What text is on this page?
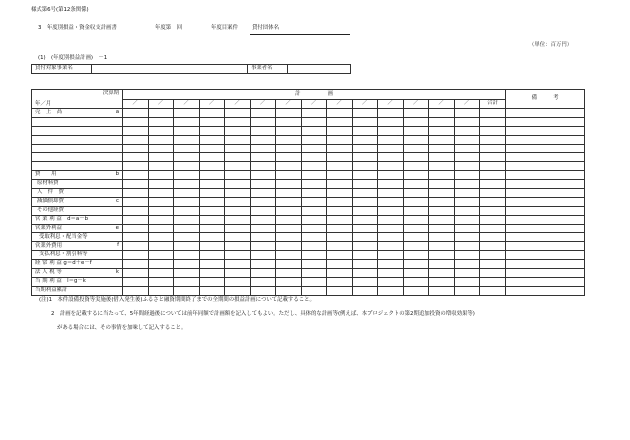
様式第6号(第12条関係)
3　年度別損益・資金収支計画書	年度第　回	年度目案件	貸付団体名
（単位：百万円）
(1)　(年度別損益計画)　－1
貸付対象事業名		事業者名	
決算期
年／月	計　　　　　画															備　　　考
	／	／	／	／	／	／	／	／	／	／	／	／	／	／	合計	
売　上　高 a																

費　　用 b																

原材料費

人　件　費

減価償却費 c																

その他経費

営 業 利 益　d＝a－b

営業外利益 e																

受取利息・配当金等

営業外費用 f																

支払利息・割引料等

経 常 利 益 g＝d＋e－f

法 人 税 等 k																

当 期 利 益　l＝g－k

当期利益累計

(注)1　本件設備投資等実施後(借入発生後)ふるさと融資期間終了までの全期間の損益計画について記載すること。
2　計画を記載するに当たって、5年間経過後については前年同額で計画額を記入してもよい。ただし、具体的な計画等(例えば、本プロジェクトの第2期追加投資の増収効果等)
がある場合には、その事情を加味して記入すること。
